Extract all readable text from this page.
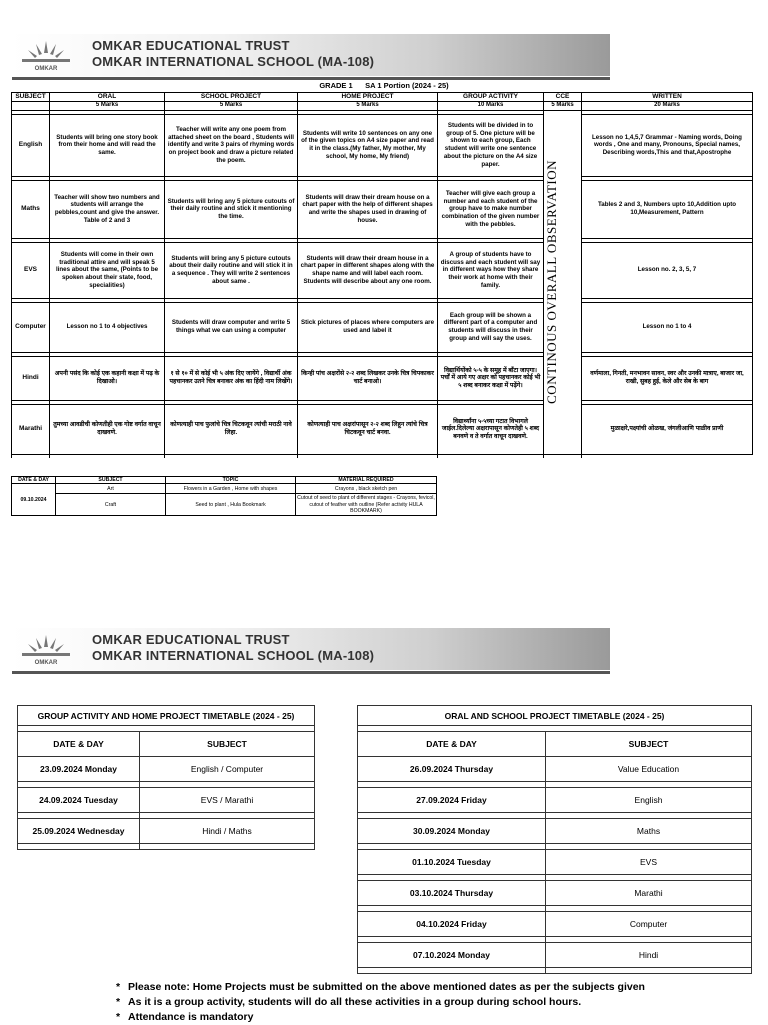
OMKAR
OMKAR EDUCATIONAL TRUST
OMKAR INTERNATIONAL SCHOOL (MA-108)
GRADE 1      SA 1 Portion (2024 - 25)
SUBJECT	ORAL	SCHOOL PROJECT	HOME PROJECT	GROUP ACTIVITY	CCE	WRITTEN
	5 Marks	5 Marks	5 Marks	10 Marks	5 Marks	20 Marks

					CONTINOUS OVERALL OBSERVATION	

English	Students will bring one story book from their home and will read the same.	Teacher will write any one poem from attached sheet on the board , Students will identify and write 3 pairs of rhyming words on project book and draw a picture related the poem.	Students will write 10 sentences on any one of the given topics on A4 size paper and read it in the class.(My father, My mother, My school, My home, My friend)	Students will be divided in to group of 5. One picture will be shown to each group, Each student will write one sentence about the picture on the A4 size paper.		Lesson no 1,4,5,7 Grammar - Naming words, Doing words , One and many, Pronouns, Special names, Describing words,This and that,Apostrophe

Maths	Teacher will show two numbers and students will arrange the pebbles,count and give the answer. Table of 2 and 3	Students will bring any 5 picture cutouts of their daily routine and stick it mentioning the time.	Students will draw their dream house on a chart paper with the help of different shapes and write the shapes used in drawing of house.	Teacher will give each group a number and each student of the group have to make number combination of the given number with the pebbles.		Tables 2 and 3, Numbers upto 10,Addition upto 10,Measurement, Pattern

EVS	Students will come in their own traditional attire and will speak 5 lines about the same, (Points to be spoken about their state, food, specialities)	Students will bring any 5 picture cutouts about their daily routine and will stick it in a sequence . They will write 2 sentences about same .	Students will draw their dream house in a chart paper in different shapes along with the shape name and will label each room. Students will describe about any one room.	A group of students have to discuss and each student will say in different ways how they share their work at home with their family.		Lesson no. 2, 3, 5, 7

Computer	Lesson no 1 to 4 objectives	Students will draw computer and write 5 things what we can using a computer	Stick pictures of places where computers are used and label it	Each group will be shown a different part of a computer and students will discuss in their group and will say the uses.		Lesson no 1 to 4

Hindi	अपनी पसंद कि कोई एक कहानी कक्षा में पढ़ के दिखाओ।	१ से १० में से कोई भी ५ अंक दिए जायेंगे , विद्यार्थी अंक पहचानकर उतने चित्र बनाकर अंक का हिंदी नाम लिखेंगे।	किन्ही पांच अक्षरोंसे २-२ शब्द लिखकर उनके चित्र चिपकाकर चार्ट बनाओ।	विद्यार्थियोंको ५-५ के समूह में बाँटा जाएगा। पर्चों में आये गए अक्षर को पहचानकर कोई भी ५ शब्द बनाकर कक्षा में पढ़ेंगे।		वर्णमाला, गिनती, मनभावन सावन, स्वर और उनकी मात्राए, बाजार जा, राखी, सुबह हुई, केले और सेब के बाग

Marathi	तुमच्या आवडीची कोणतीही एक गोष्ट वर्गात वाचून दाखवणे.	कोणत्याही पाच फुलांचे चित्र चिटकवून त्यांची मराठी नावे लिहा.	कोणत्याही पाच अक्षरांपासून २-२ शब्द लिहून त्यांचे चित्र चिटकवून चार्ट बनवा.	विद्यार्थ्यांना ५-५च्या गटात विभागले जाईल.दिलेल्या अक्षरापासून कोणतेही ५ शब्द बनवणे व ते वर्गात वाचून दाखवणे.		मुळाक्षरे,पक्ष्यांची ओळख, जंगलीआणि पाळीव प्राणी

DATE & DAY	SUBJECT	TOPIC	MATERIAL REQUIRED
09.10.2024	Art	Flowers in a Garden , Home with shapes	Crayons , black sketch pen
	Craft	Seed to plant , Hula Bookmark	Cutout of seed to plant of different stages - Crayons, fevicol, cutout of feather with outline (Refer activity HULA BOOKMARK)
OMKAR
OMKAR EDUCATIONAL TRUST
OMKAR INTERNATIONAL SCHOOL (MA-108)
GROUP ACTIVITY AND HOME PROJECT TIMETABLE (2024 - 25)	

DATE & DAY	SUBJECT
23.09.2024 Monday	English / Computer

24.09.2024 Tuesday	EVS / Marathi

25.09.2024 Wednesday	Hindi / Maths

ORAL AND SCHOOL PROJECT TIMETABLE (2024 - 25)	

DATE & DAY	SUBJECT
26.09.2024 Thursday	Value Education

27.09.2024 Friday	English

30.09.2024 Monday	Maths

01.10.2024 Tuesday	EVS

03.10.2024 Thursday	Marathi

04.10.2024 Friday	Computer

07.10.2024 Monday	Hindi

* Please note: Home Projects must be submitted on the above mentioned dates as per the subjects given
* As it is a group activity, students will do all these activities in a group during school hours.
* Attendance is mandatory
